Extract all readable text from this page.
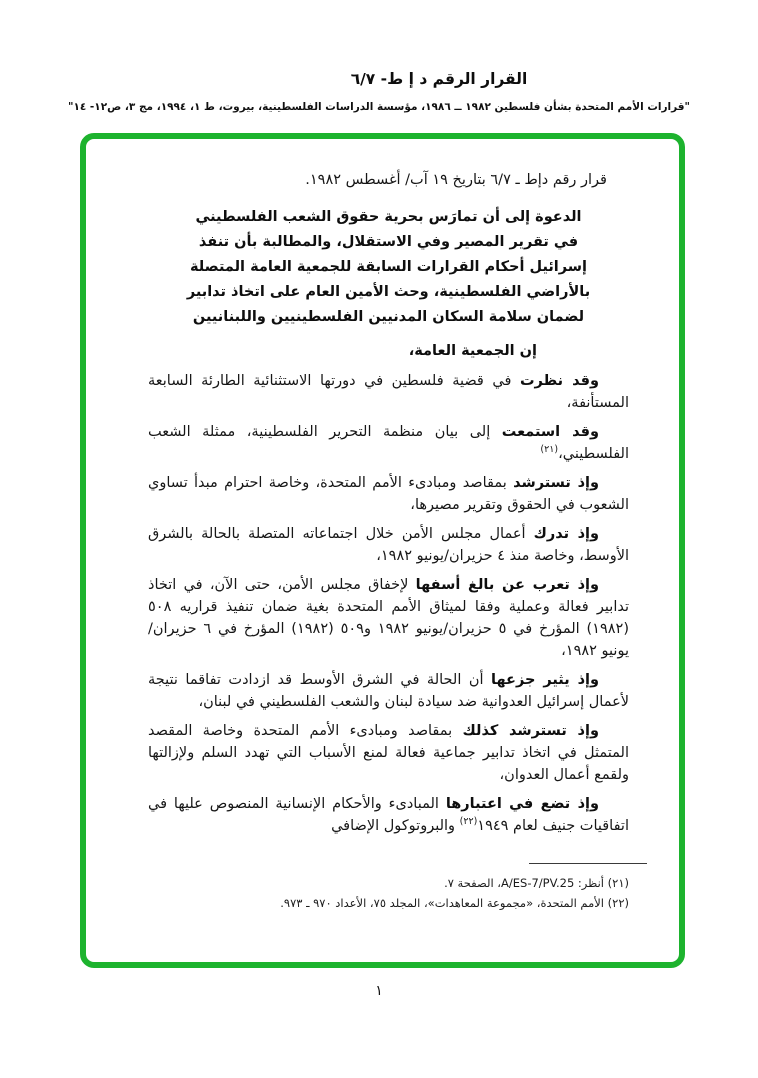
القرار الرقم د إ ط- ٦/٧
"قرارات الأمم المتحدة بشأن فلسطين ١٩٨٢ ــ ١٩٨٦، مؤسسة الدراسات الفلسطينية، بيروت، ط ١، ١٩٩٤، مج ٣، ص١٢- ١٤"

قرار رقم دإط ـ ٦/٧ بتاريخ ١٩ آب/ أغسطس ١٩٨٢.

الدعوة إلى أن تمارَس بحرية حقوق الشعب الفلسطيني
في تقرير المصير وفي الاستقلال، والمطالبة بأن تنفذ
إسرائيل أحكام القرارات السابقة للجمعية العامة المتصلة
بالأراضي الفلسطينية، وحث الأمين العام على اتخاذ تدابير
لضمان سلامة السكان المدنيين الفلسطينيين واللبنانيين

إن الجمعية العامة،

وقد نظرت في قضية فلسطين في دورتها الاستثنائية الطارئة السابعة المستأنفة،

وقد استمعت إلى بيان منظمة التحرير الفلسطينية، ممثلة الشعب الفلسطيني،$^{(٢١)}$

وإذ تسترشد بمقاصد ومبادىء الأمم المتحدة، وخاصة احترام مبدأ تساوي الشعوب في الحقوق وتقرير مصيرها،

وإذ تدرك أعمال مجلس الأمن خلال اجتماعاته المتصلة بالحالة بالشرق الأوسط، وخاصة منذ ٤ حزيران/يونيو ١٩٨٢،

وإذ تعرب عن بالغ أسفها لإخفاق مجلس الأمن، حتى الآن، في اتخاذ تدابير فعالة وعملية وفقا لميثاق الأمم المتحدة بغية ضمان تنفيذ قراريه ٥٠٨ (١٩٨٢) المؤرخ في ٥ حزيران/يونيو ١٩٨٢ و٥٠٩ (١٩٨٢) المؤرخ في ٦ حزيران/يونيو ١٩٨٢،

وإذ يثير جزعها أن الحالة في الشرق الأوسط قد ازدادت تفاقما نتيجة لأعمال إسرائيل العدوانية ضد سيادة لبنان والشعب الفلسطيني في لبنان،

وإذ تسترشد كذلك بمقاصد ومبادىء الأمم المتحدة وخاصة المقصد المتمثل في اتخاذ تدابير جماعية فعالة لمنع الأسباب التي تهدد السلم ولإزالتها ولقمع أعمال العدوان،

وإذ تضع في اعتبارها المبادىء والأحكام الإنسانية المنصوص عليها في اتفاقيات جنيف لعام ١٩٤٩$^{(٢٢)}$ والبروتوكول الإضافي

(٢١) أنظر: A/ES-7/PV.25، الصفحة ٧.

(٢٢) الأمم المتحدة، «مجموعة المعاهدات»، المجلد ٧٥، الأعداد ٩٧٠ ـ ٩٧٣.

١
